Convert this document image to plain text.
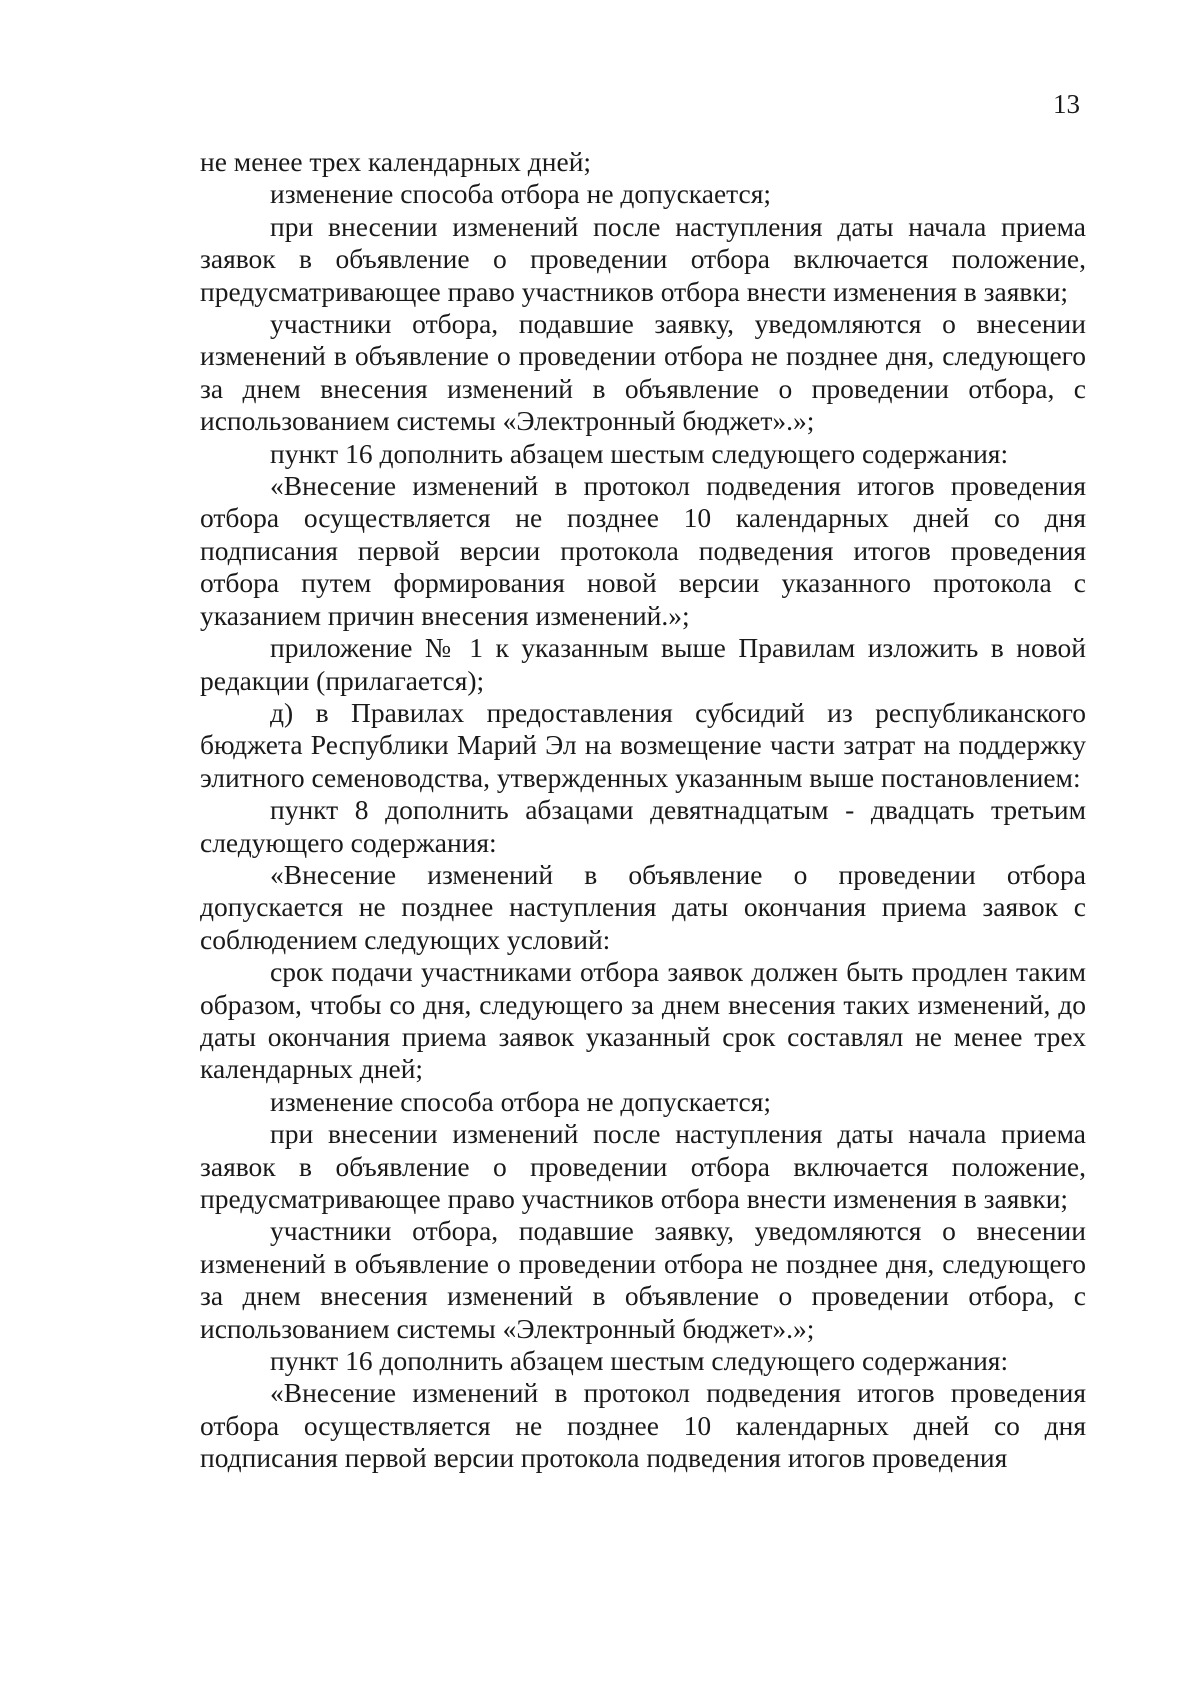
13

не менее трех календарных дней;

изменение способа отбора не допускается;

при внесении изменений после наступления даты начала приема заявок в объявление о проведении отбора включается положение, предусматривающее право участников отбора внести изменения в заявки;

участники отбора, подавшие заявку, уведомляются о внесении изменений в объявление о проведении отбора не позднее дня, следующего за днем внесения изменений в объявление о проведении отбора, с использованием системы «Электронный бюджет».»;

пункт 16 дополнить абзацем шестым следующего содержания:

«Внесение изменений в протокол подведения итогов проведения отбора осуществляется не позднее 10 календарных дней со дня подписания первой версии протокола подведения итогов проведения отбора путем формирования новой версии указанного протокола с указанием причин внесения изменений.»;

приложение № 1 к указанным выше Правилам изложить в новой редакции (прилагается);

д) в Правилах предоставления субсидий из республиканского бюджета Республики Марий Эл на возмещение части затрат на поддержку элитного семеноводства, утвержденных указанным выше постановлением:

пункт 8 дополнить абзацами девятнадцатым - двадцать третьим следующего содержания:

«Внесение изменений в объявление о проведении отбора допускается не позднее наступления даты окончания приема заявок с соблюдением следующих условий:

срок подачи участниками отбора заявок должен быть продлен таким образом, чтобы со дня, следующего за днем внесения таких изменений, до даты окончания приема заявок указанный срок составлял не менее трех календарных дней;

изменение способа отбора не допускается;

при внесении изменений после наступления даты начала приема заявок в объявление о проведении отбора включается положение, предусматривающее право участников отбора внести изменения в заявки;

участники отбора, подавшие заявку, уведомляются о внесении изменений в объявление о проведении отбора не позднее дня, следующего за днем внесения изменений в объявление о проведении отбора, с использованием системы «Электронный бюджет».»;

пункт 16 дополнить абзацем шестым следующего содержания:

«Внесение изменений в протокол подведения итогов проведения отбора осуществляется не позднее 10 календарных дней со дня подписания первой версии протокола подведения итогов проведения
